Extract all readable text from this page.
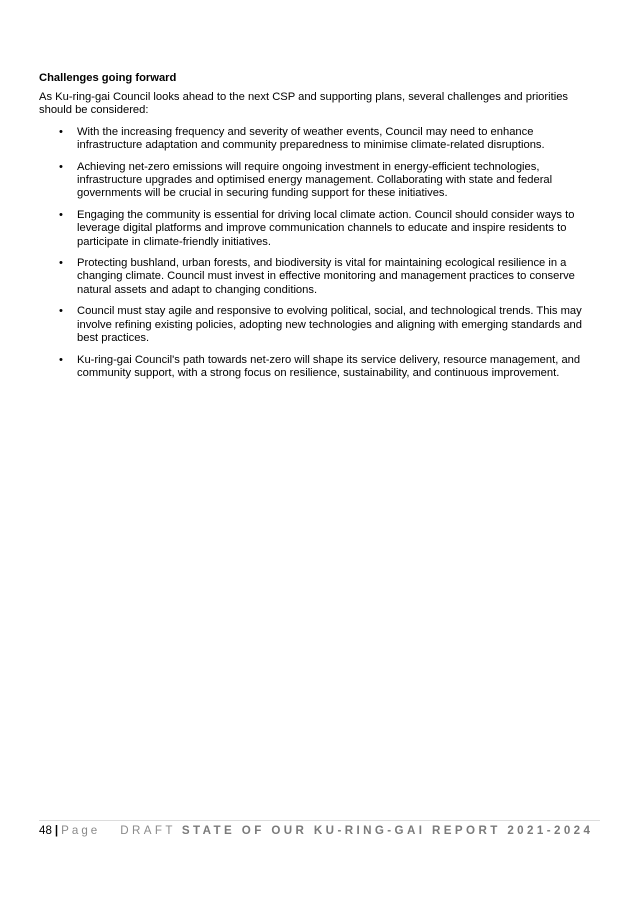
Challenges going forward
As Ku-ring-gai Council looks ahead to the next CSP and supporting plans, several challenges and priorities should be considered:
• With the increasing frequency and severity of weather events, Council may need to enhance infrastructure adaptation and community preparedness to minimise climate-related disruptions.
• Achieving net-zero emissions will require ongoing investment in energy-efficient technologies, infrastructure upgrades and optimised energy management. Collaborating with state and federal governments will be crucial in securing funding support for these initiatives.
• Engaging the community is essential for driving local climate action. Council should consider ways to leverage digital platforms and improve communication channels to educate and inspire residents to participate in climate-friendly initiatives.
• Protecting bushland, urban forests, and biodiversity is vital for maintaining ecological resilience in a changing climate. Council must invest in effective monitoring and management practices to conserve natural assets and adapt to changing conditions.
• Council must stay agile and responsive to evolving political, social, and technological trends. This may involve refining existing policies, adopting new technologies and aligning with emerging standards and best practices.
• Ku-ring-gai Council's path towards net-zero will shape its service delivery, resource management, and community support, with a strong focus on resilience, sustainability, and continuous improvement.
48 | Page DRAFT STATE OF OUR KU-RING-GAI REPORT 2021-2024
